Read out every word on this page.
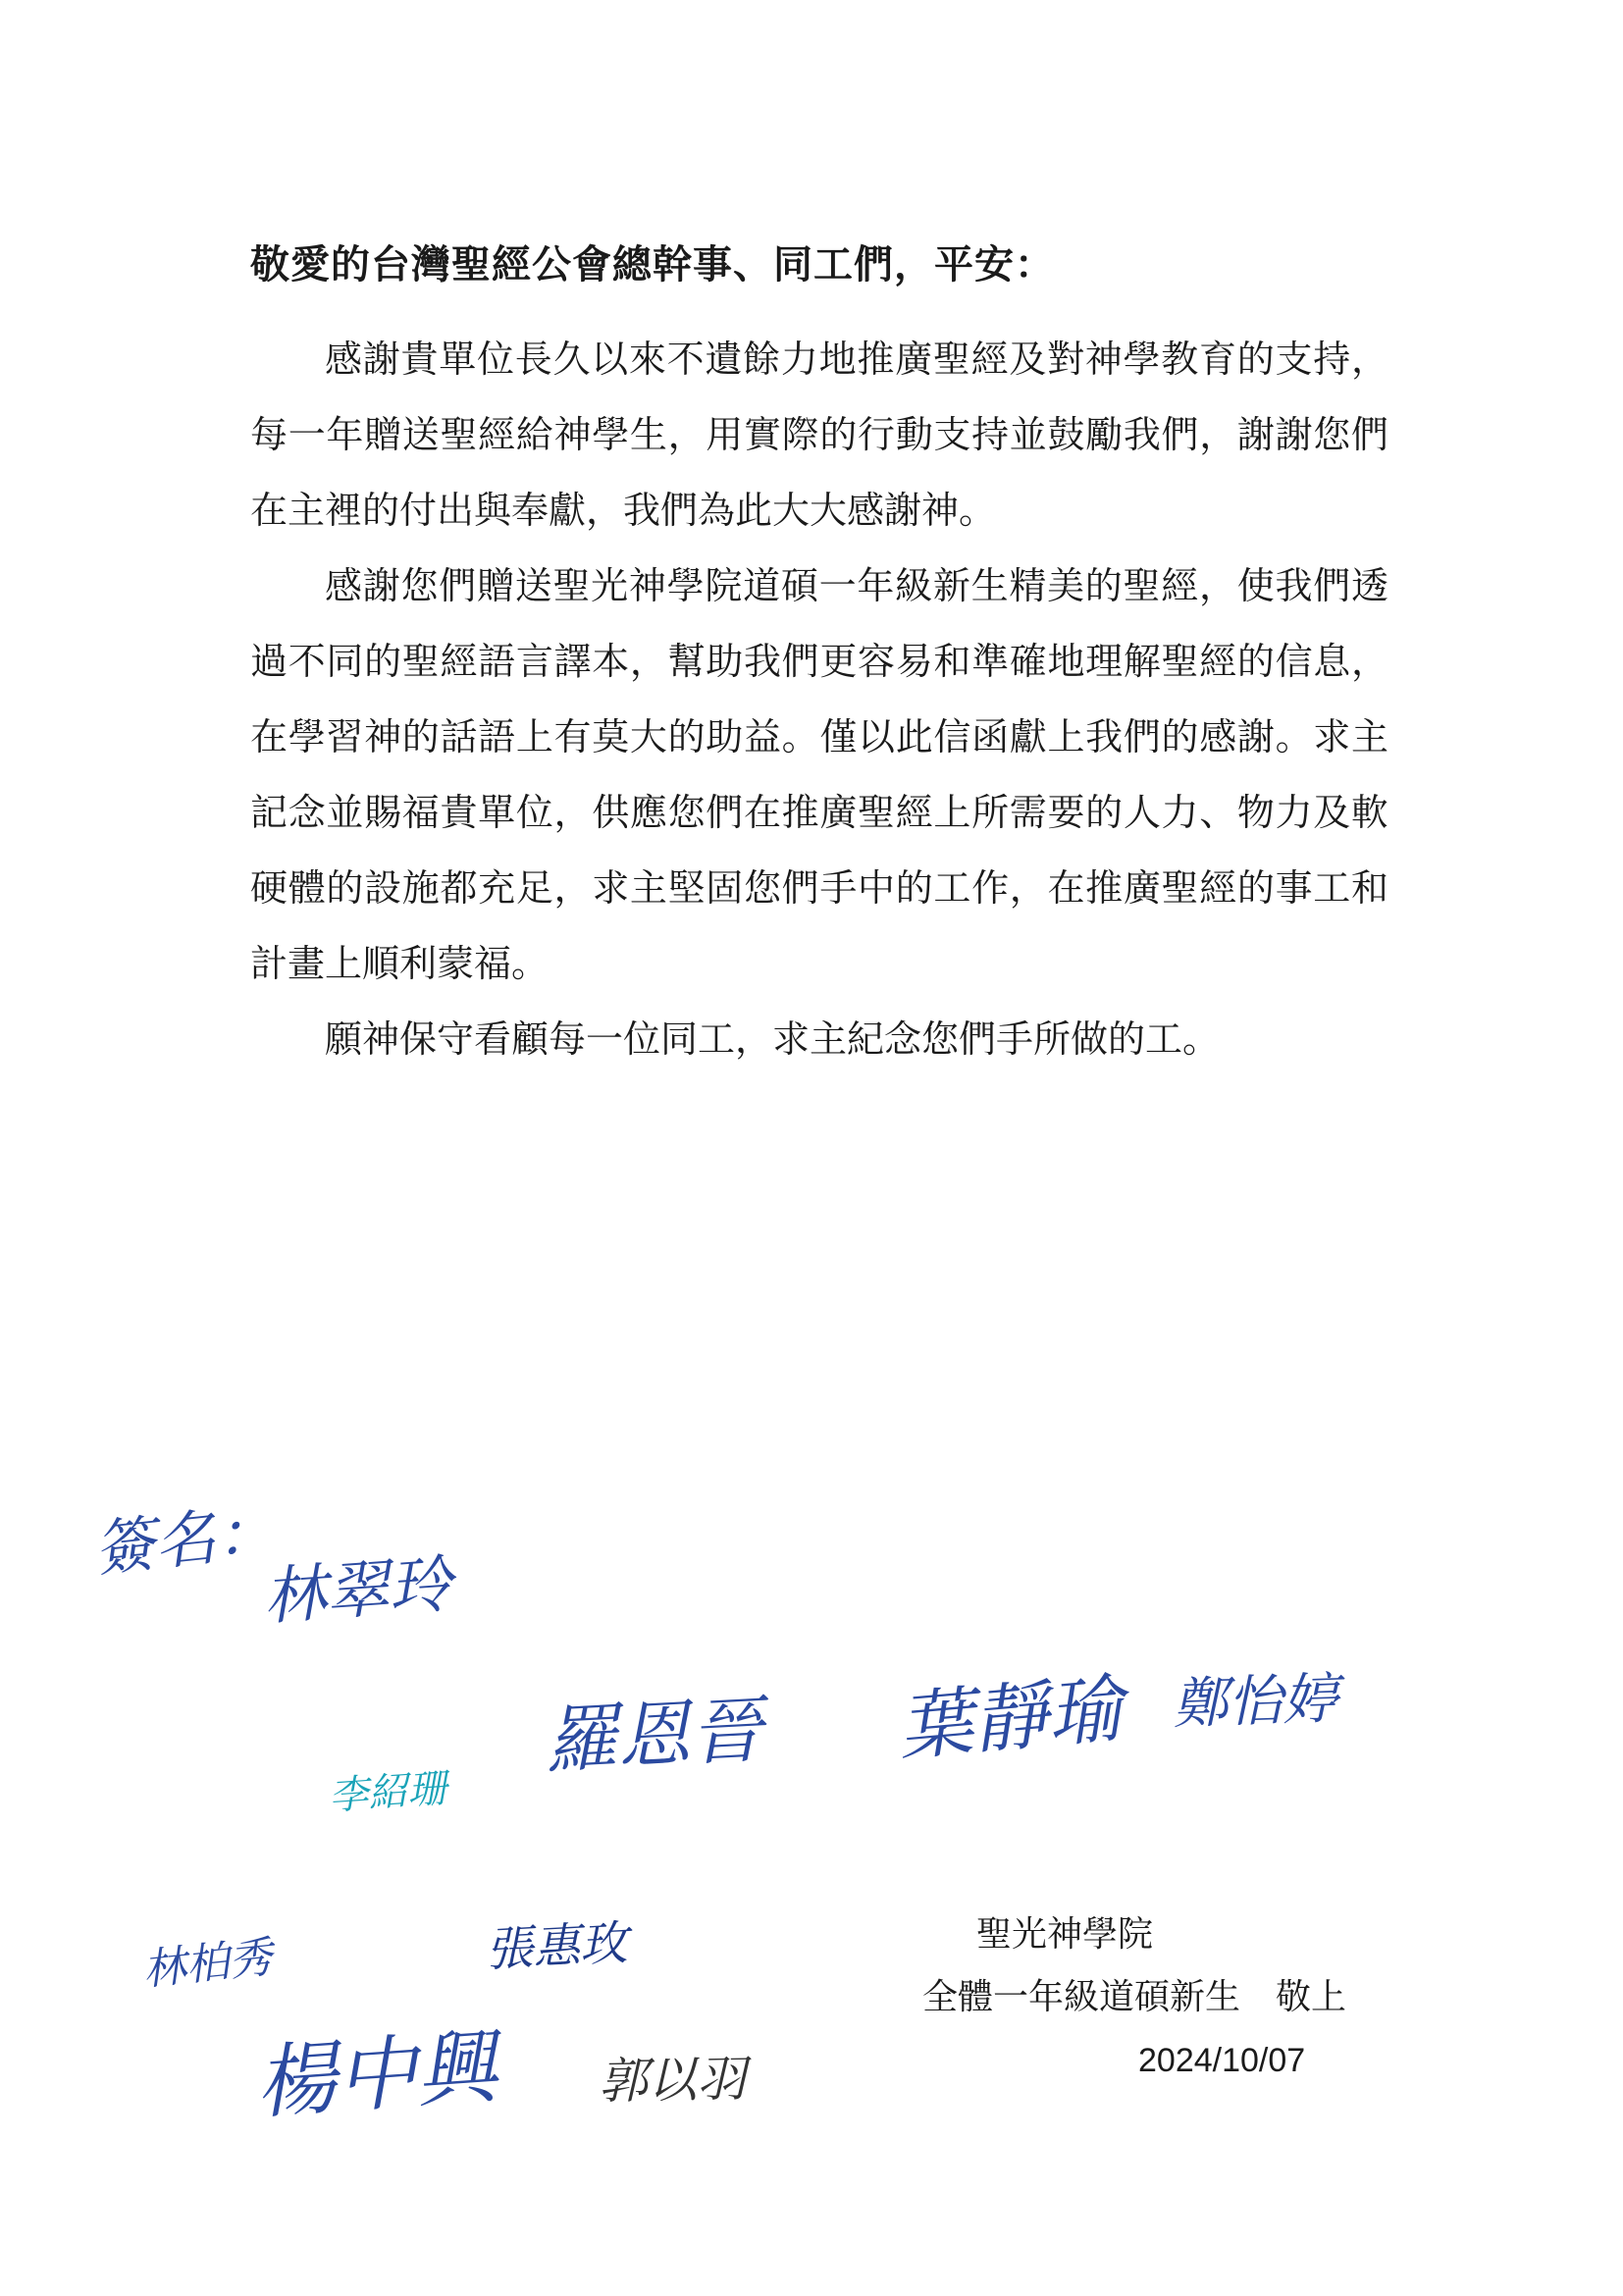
敬愛的台灣聖經公會總幹事、同工們，平安：

感謝貴單位長久以來不遺餘力地推廣聖經及對神學教育的支持，每一年贈送聖經給神學生，用實際的行動支持並鼓勵我們，謝謝您們在主裡的付出與奉獻，我們為此大大感謝神。

感謝您們贈送聖光神學院道碩一年級新生精美的聖經，使我們透過不同的聖經語言譯本，幫助我們更容易和準確地理解聖經的信息，在學習神的話語上有莫大的助益。僅以此信函獻上我們的感謝。求主記念並賜福貴單位，供應您們在推廣聖經上所需要的人力、物力及軟硬體的設施都充足，求主堅固您們手中的工作，在推廣聖經的事工和計畫上順利蒙福。

願神保守看顧每一位同工，求主紀念您們手所做的工。

簽名：
林翠玲
羅恩晉 葉靜瑜 鄭怡婷
李紹珊
林柏秀	張惠玫
楊中興 郭以羽
聖光神學院
全體一年級道碩新生　敬上
2024/10/07
